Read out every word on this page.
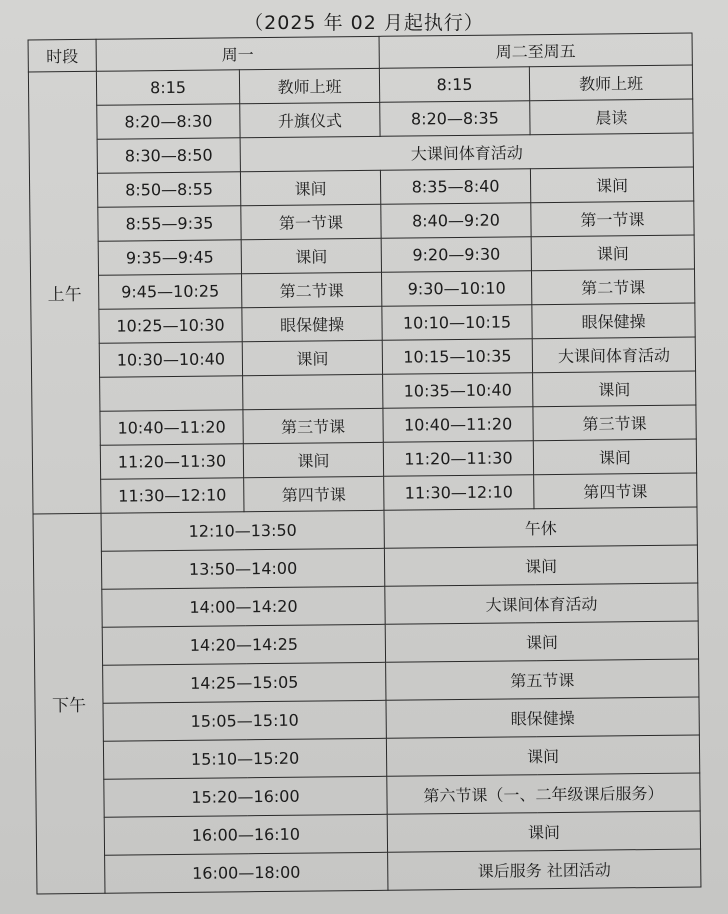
（2025 年 02 月起执行）
时段	周一		周二至周五	
上午	8:15	教师上班	8:15	教师上班
	8:20—8:30	升旗仪式	8:20—8:35	晨读
	8:30—8:50	大课间体育活动		
	8:50—8:55	课间	8:35—8:40	课间
	8:55—9:35	第一节课	8:40—9:20	第一节课
	9:35—9:45	课间	9:20—9:30	课间
	9:45—10:25	第二节课	9:30—10:10	第二节课
	10:25—10:30	眼保健操	10:10—10:15	眼保健操
	10:30—10:40	课间	10:15—10:35	大课间体育活动
			10:35—10:40	课间
	10:40—11:20	第三节课	10:40—11:20	第三节课
	11:20—11:30	课间	11:20—11:30	课间
	11:30—12:10	第四节课	11:30—12:10	第四节课
下午	12:10—13:50		午休	
	13:50—14:00		课间	
	14:00—14:20		大课间体育活动	
	14:20—14:25		课间	
	14:25—15:05		第五节课	
	15:05—15:10		眼保健操	
	15:10—15:20		课间	
	15:20—16:00		第六节课（一、二年级课后服务）	
	16:00—16:10		课间	
	16:00—18:00		课后服务 社团活动	
